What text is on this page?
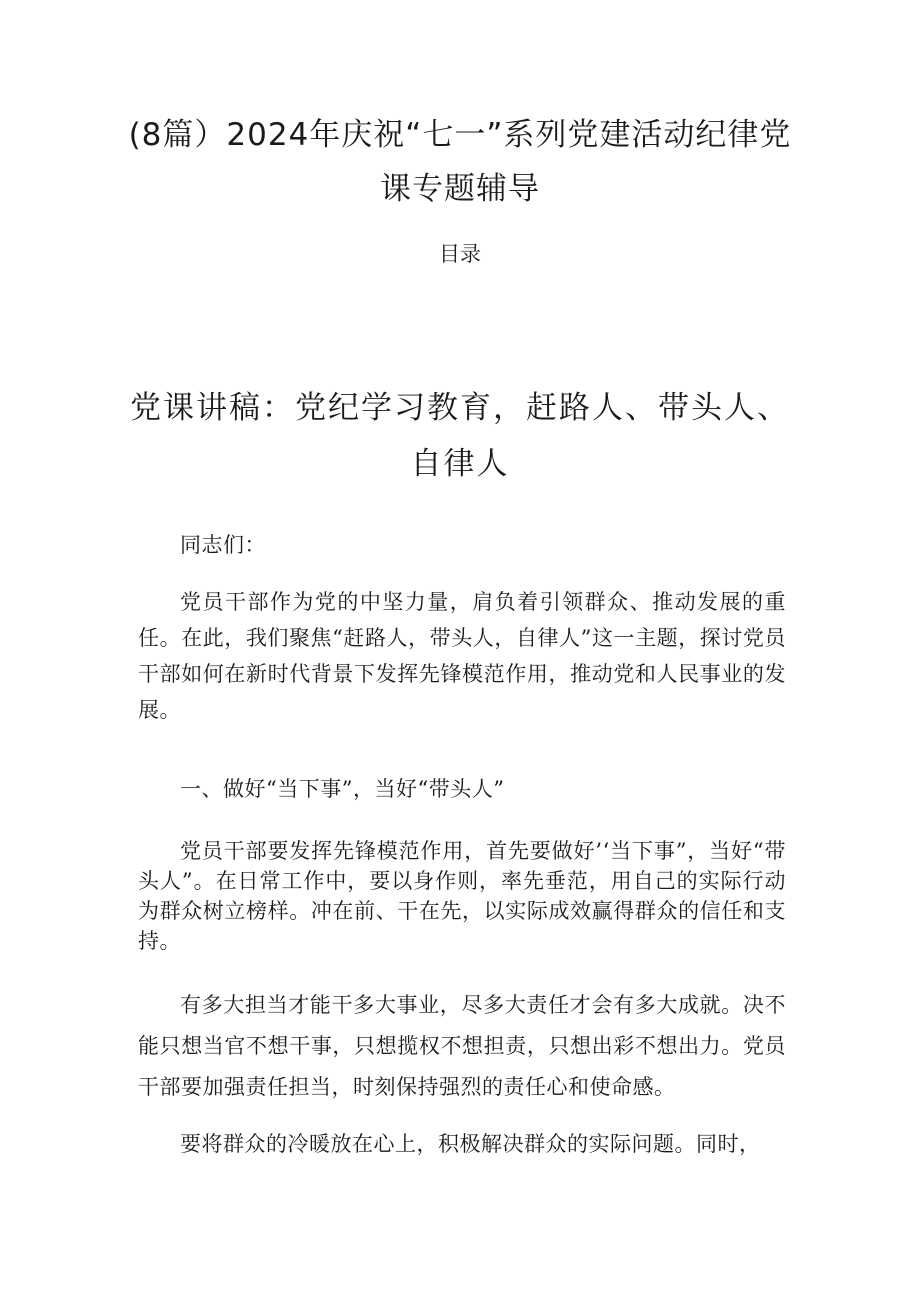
(8篇）2024年庆祝“七一”系列党建活动纪律党课专题辅导
目录
党课讲稿：党纪学习教育，赶路人、带头人、自律人

同志们：

党员干部作为党的中坚力量，肩负着引领群众、推动发展的重任。在此，我们聚焦“赶路人，带头人，自律人”这一主题，探讨党员干部如何在新时代背景下发挥先锋模范作用，推动党和人民事业的发展。

一、做好“当下事”，当好“带头人”

党员干部要发挥先锋模范作用，首先要做好’‘当下事”，当好“带头人”。在日常工作中，要以身作则，率先垂范，用自己的实际行动为群众树立榜样。冲在前、干在先，以实际成效赢得群众的信任和支持。

有多大担当才能干多大事业，尽多大责任才会有多大成就。决不能只想当官不想干事，只想揽权不想担责，只想出彩不想出力。党员干部要加强责任担当，时刻保持强烈的责任心和使命感。

要将群众的冷暖放在心上，积极解决群众的实际问题。同时，
